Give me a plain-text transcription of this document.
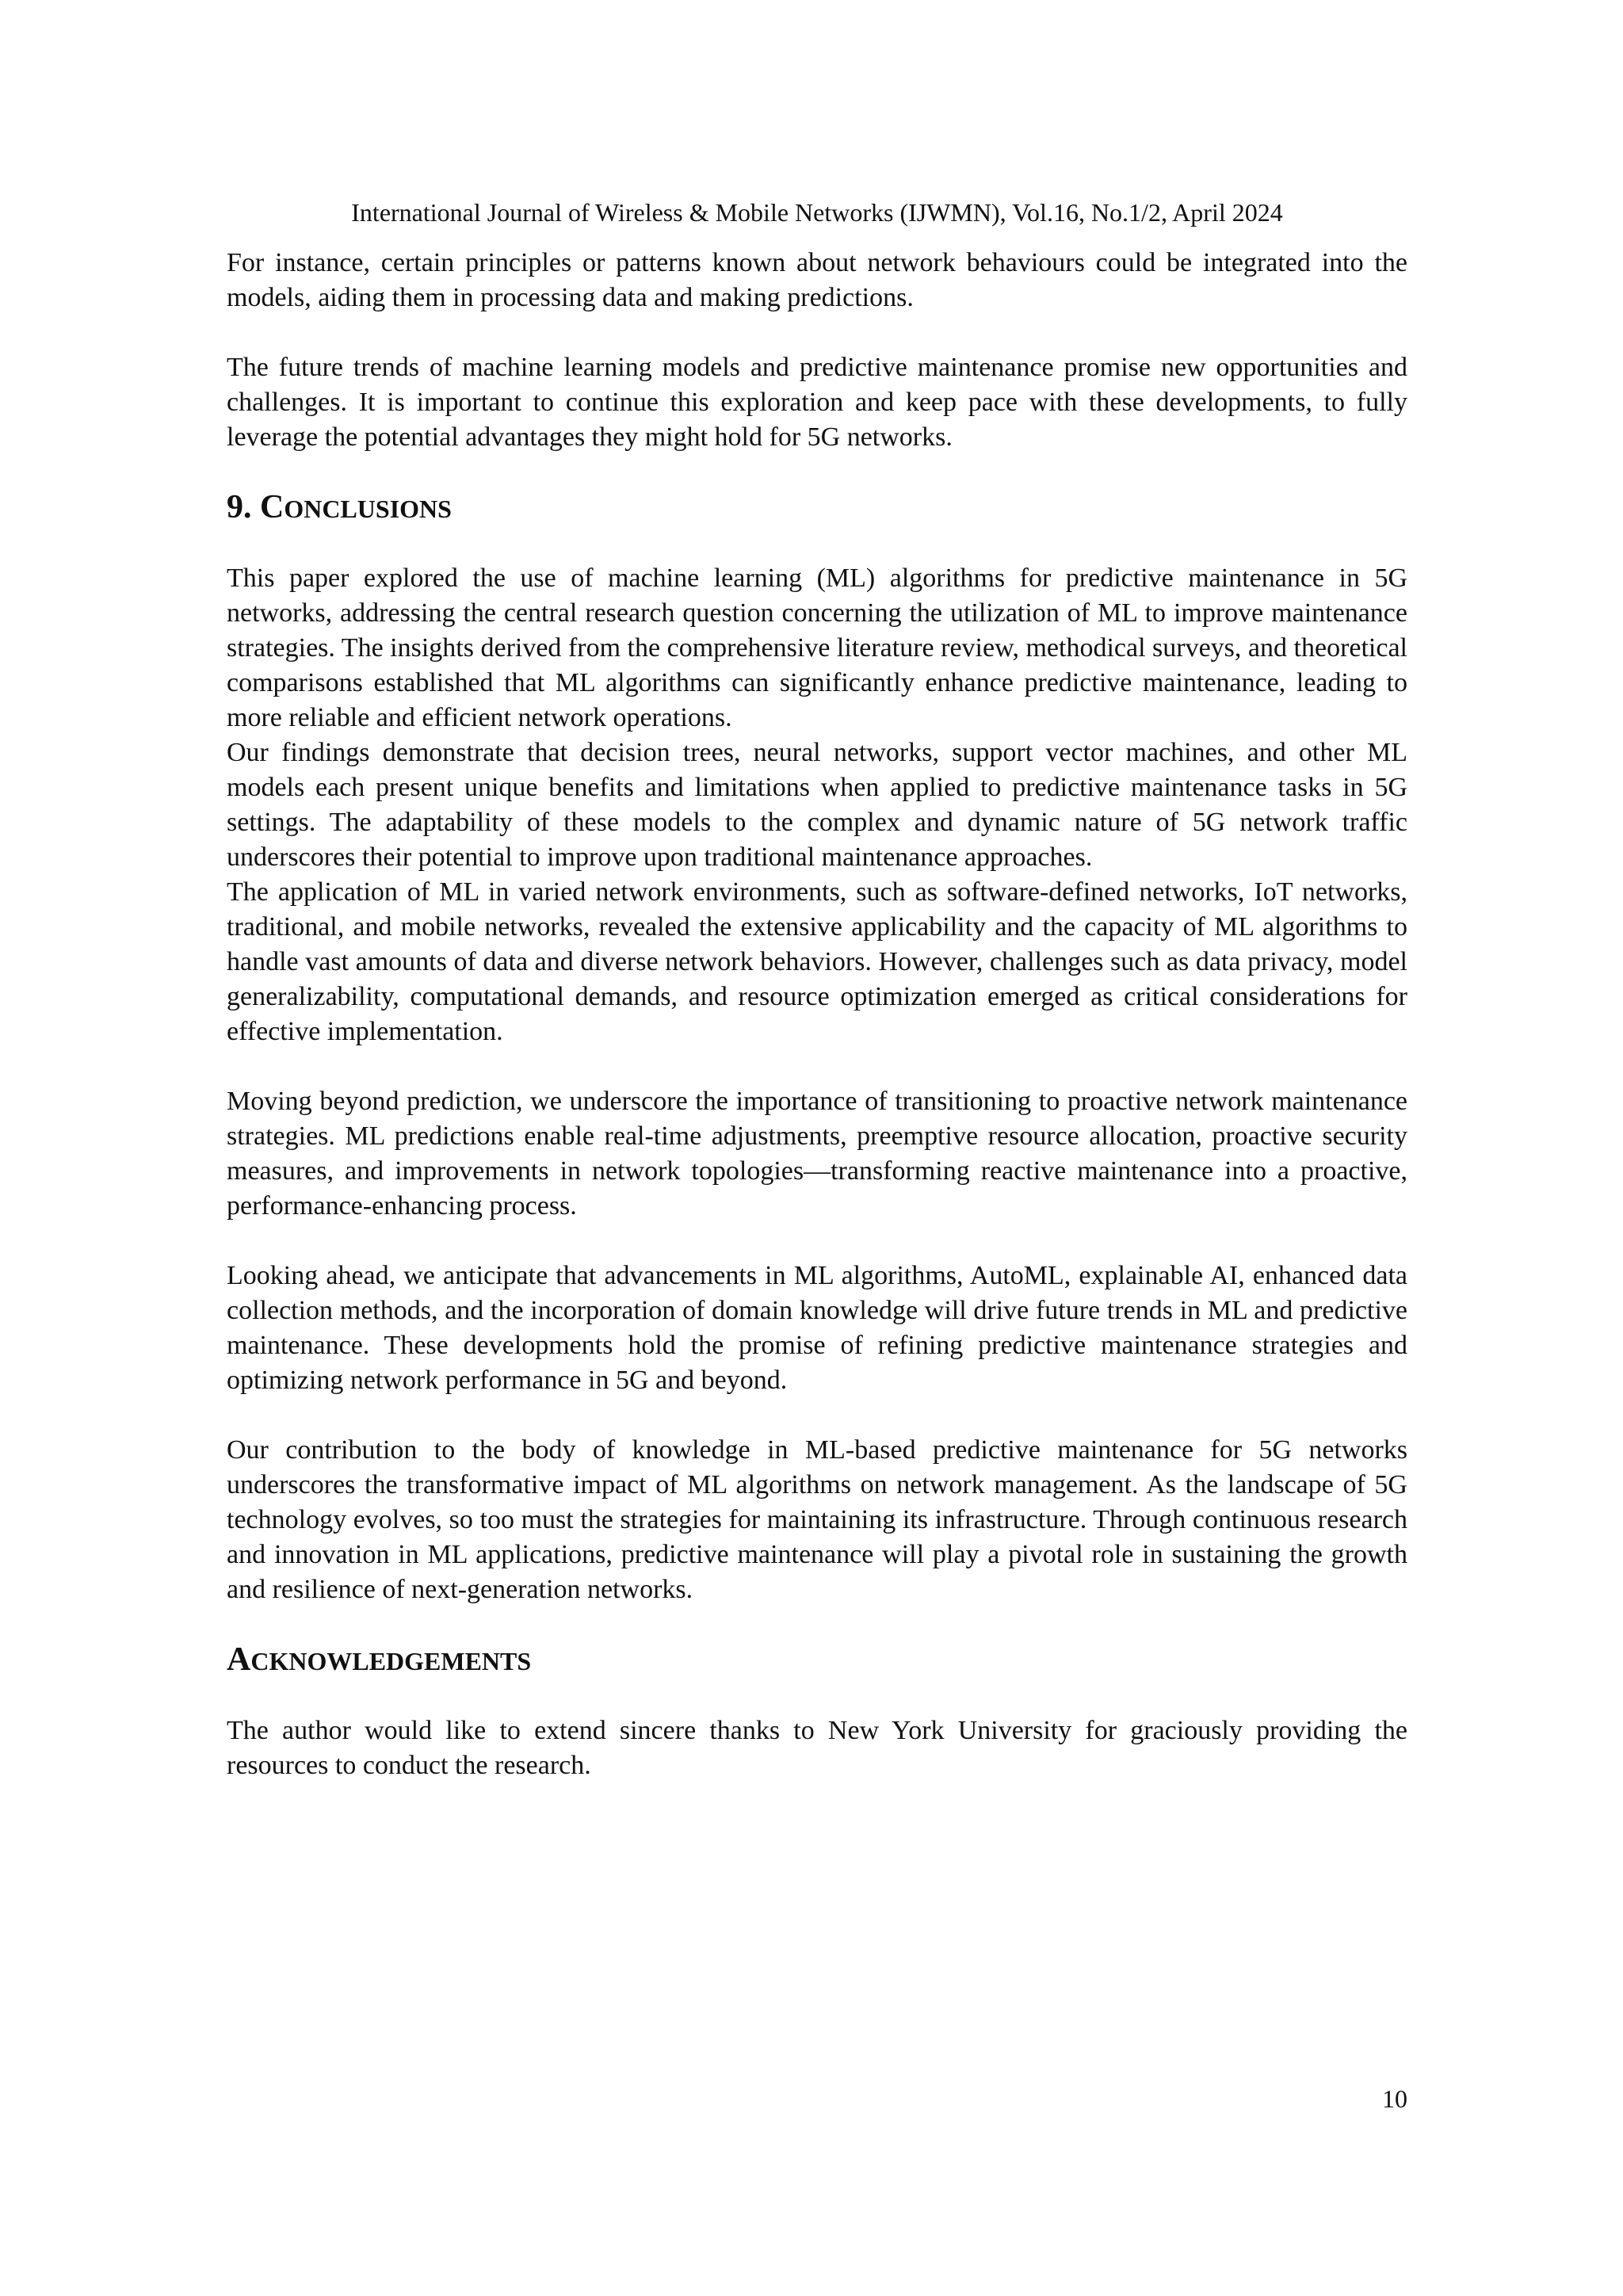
International Journal of Wireless & Mobile Networks (IJWMN), Vol.16, No.1/2, April 2024

For instance, certain principles or patterns known about network behaviours could be integrated into the models, aiding them in processing data and making predictions.

The future trends of machine learning models and predictive maintenance promise new opportunities and challenges. It is important to continue this exploration and keep pace with these developments, to fully leverage the potential advantages they might hold for 5G networks.

9. CONCLUSIONS

This paper explored the use of machine learning (ML) algorithms for predictive maintenance in 5G networks, addressing the central research question concerning the utilization of ML to improve maintenance strategies. The insights derived from the comprehensive literature review, methodical surveys, and theoretical comparisons established that ML algorithms can significantly enhance predictive maintenance, leading to more reliable and efficient network operations.

Our findings demonstrate that decision trees, neural networks, support vector machines, and other ML models each present unique benefits and limitations when applied to predictive maintenance tasks in 5G settings. The adaptability of these models to the complex and dynamic nature of 5G network traffic underscores their potential to improve upon traditional maintenance approaches.

The application of ML in varied network environments, such as software-defined networks, IoT networks, traditional, and mobile networks, revealed the extensive applicability and the capacity of ML algorithms to handle vast amounts of data and diverse network behaviors. However, challenges such as data privacy, model generalizability, computational demands, and resource optimization emerged as critical considerations for effective implementation.

Moving beyond prediction, we underscore the importance of transitioning to proactive network maintenance strategies. ML predictions enable real-time adjustments, preemptive resource allocation, proactive security measures, and improvements in network topologies—transforming reactive maintenance into a proactive, performance-enhancing process.

Looking ahead, we anticipate that advancements in ML algorithms, AutoML, explainable AI, enhanced data collection methods, and the incorporation of domain knowledge will drive future trends in ML and predictive maintenance. These developments hold the promise of refining predictive maintenance strategies and optimizing network performance in 5G and beyond.

Our contribution to the body of knowledge in ML-based predictive maintenance for 5G networks underscores the transformative impact of ML algorithms on network management. As the landscape of 5G technology evolves, so too must the strategies for maintaining its infrastructure. Through continuous research and innovation in ML applications, predictive maintenance will play a pivotal role in sustaining the growth and resilience of next-generation networks.

ACKNOWLEDGEMENTS

The author would like to extend sincere thanks to New York University for graciously providing the resources to conduct the research.

10
